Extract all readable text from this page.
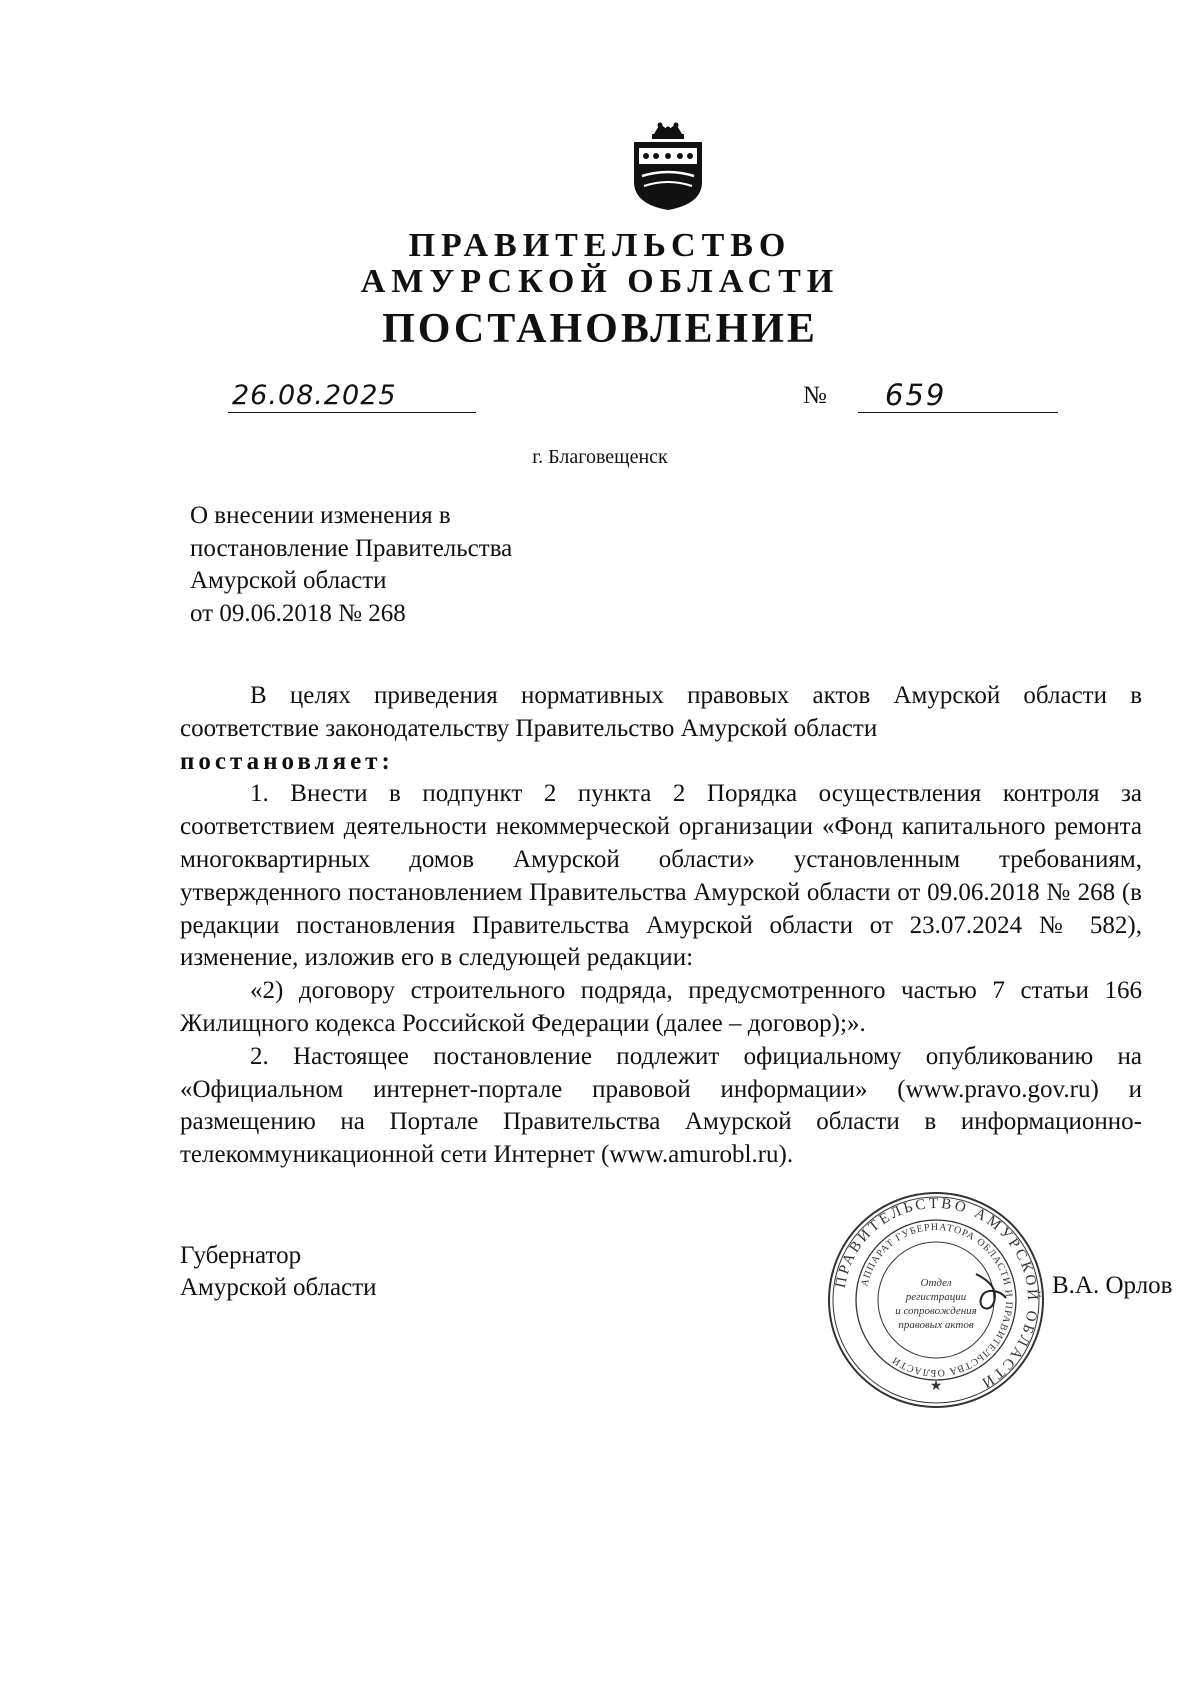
ПРАВИТЕЛЬСТВО
АМУРСКОЙ ОБЛАСТИ
ПОСТАНОВЛЕНИЕ
26.08.2025	№ 659
г. Благовещенск
О внесении изменения в
постановление Правительства
Амурской области
от 09.06.2018 № 268

В целях приведения нормативных правовых актов Амурской области в соответствие законодательству Правительство Амурской области

постановляет:

1. Внести в подпункт 2 пункта 2 Порядка осуществления контроля за соответствием деятельности некоммерческой организации «Фонд капитального ремонта многоквартирных домов Амурской области» установленным требованиям, утвержденного постановлением Правительства Амурской области от 09.06.2018 № 268 (в редакции постановления Правительства Амурской области от 23.07.2024 № 582), изменение, изложив его в следующей редакции:

«2) договору строительного подряда, предусмотренного частью 7 статьи 166 Жилищного кодекса Российской Федерации (далее – договор);».

2. Настоящее постановление подлежит официальному опубликованию на «Официальном интернет-портале правовой информации» (www.pravo.gov.ru) и размещению на Портале Правительства Амурской области в информационно-телекоммуникационной сети Интернет (www.amurobl.ru).

Губернатор
Амурской области	ПРАВИТЕЛЬСТВО АМУРСКОЙ ОБЛАСТИ
АППАРАТ ГУБЕРНАТОРА ОБЛАСТИ И ПРАВИТЕЛЬСТВА ОБЛАСТИ
Отдел
регистрации
и сопровождения
правовых актов
★
В.А. Орлов
